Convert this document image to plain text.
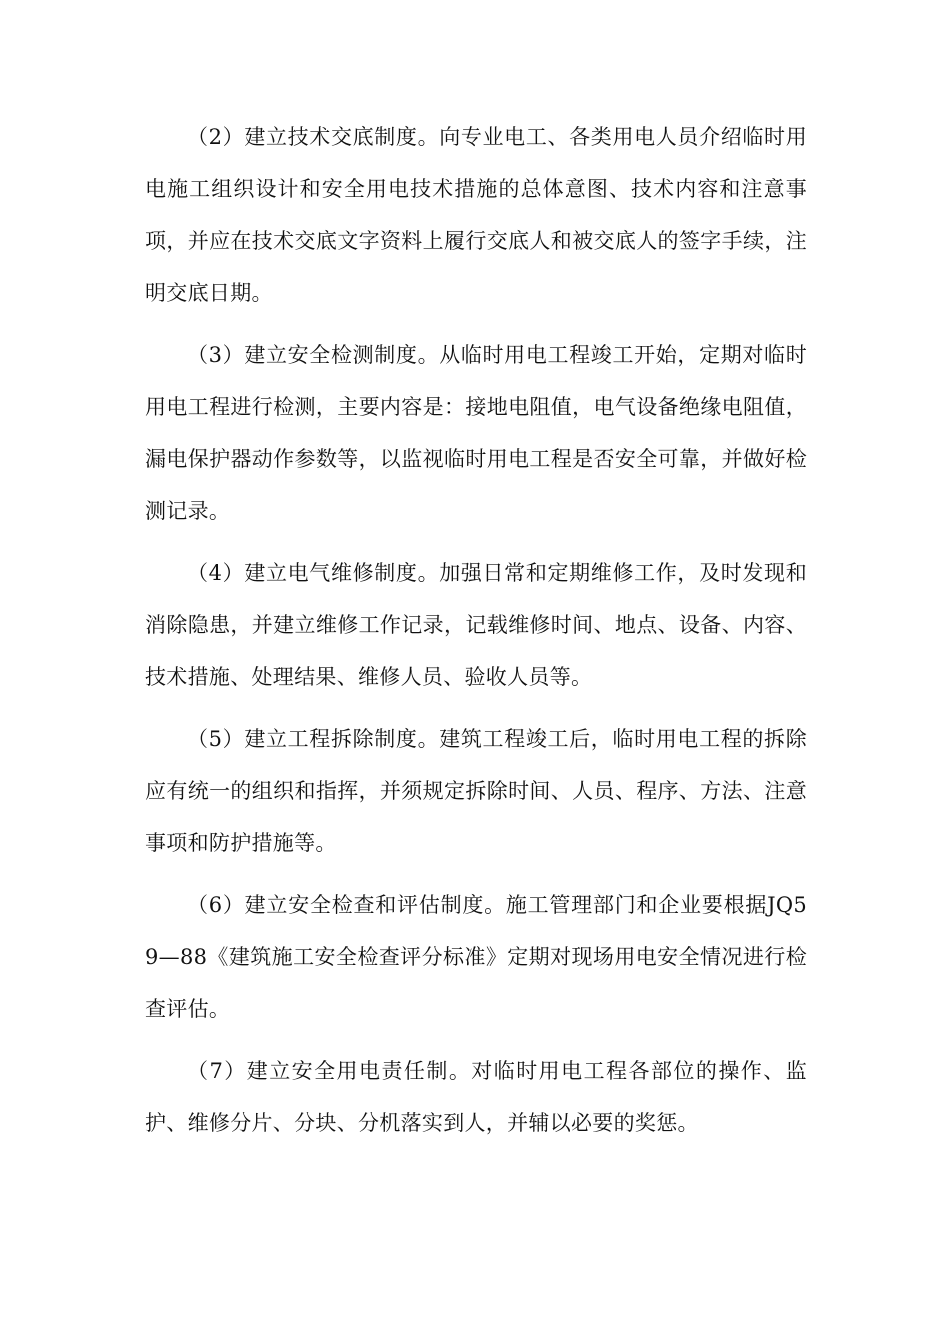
（2）建立技术交底制度。向专业电工、各类用电人员介绍临时用电施工组织设计和安全用电技术措施的总体意图、技术内容和注意事项，并应在技术交底文字资料上履行交底人和被交底人的签字手续，注明交底日期。

（3）建立安全检测制度。从临时用电工程竣工开始，定期对临时用电工程进行检测，主要内容是：接地电阻值，电气设备绝缘电阻值，漏电保护器动作参数等，以监视临时用电工程是否安全可靠，并做好检测记录。

（4）建立电气维修制度。加强日常和定期维修工作，及时发现和消除隐患，并建立维修工作记录，记载维修时间、地点、设备、内容、技术措施、处理结果、维修人员、验收人员等。

（5）建立工程拆除制度。建筑工程竣工后，临时用电工程的拆除应有统一的组织和指挥，并须规定拆除时间、人员、程序、方法、注意事项和防护措施等。

（6）建立安全检查和评估制度。施工管理部门和企业要根据JQ59—88《建筑施工安全检查评分标准》定期对现场用电安全情况进行检查评估。

（7）建立安全用电责任制。对临时用电工程各部位的操作、监护、维修分片、分块、分机落实到人，并辅以必要的奖惩。
